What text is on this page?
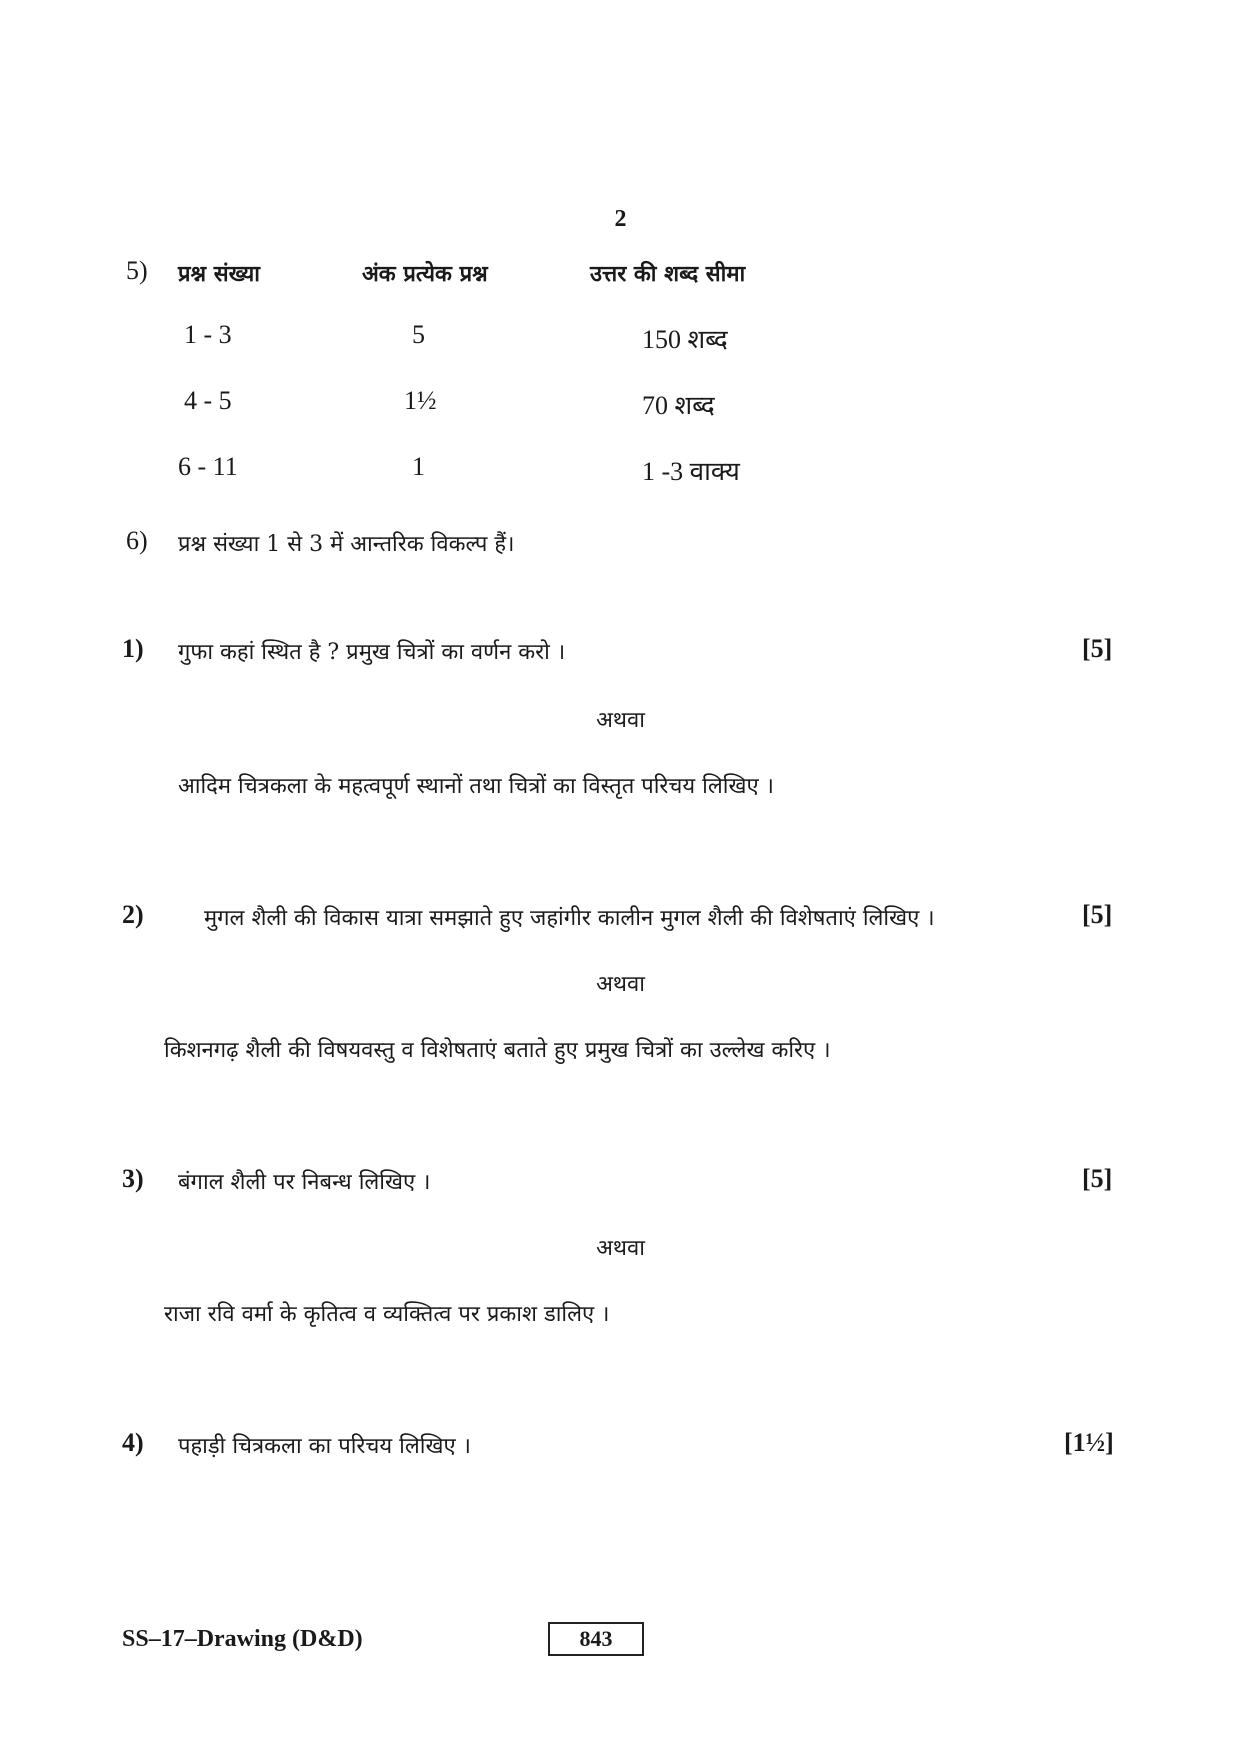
2
5) प्रश्न संख्या	अंक प्रत्येक प्रश्न	उत्तर की शब्द सीमा
1 - 3	5	150 शब्द
4 - 5	1½	70 शब्द
6 - 11	1	1 -3 वाक्य
6) प्रश्न संख्या 1 से 3 में आन्तरिक विकल्प हैं।
1) गुफा कहां स्थित है ? प्रमुख चित्रों का वर्णन करो ।	[5]
अथवा
आदिम चित्रकला के महत्वपूर्ण स्थानों तथा चित्रों का विस्तृत परिचय लिखिए ।
2)	मुगल शैली की विकास यात्रा समझाते हुए जहांगीर कालीन मुगल शैली की विशेषताएं लिखिए ।	[5]
अथवा
किशनगढ़ शैली की विषयवस्तु व विशेषताएं बताते हुए प्रमुख चित्रों का उल्लेख करिए ।
3) बंगाल शैली पर निबन्ध लिखिए ।	[5]
अथवा
राजा रवि वर्मा के कृतित्व व व्यक्तित्व पर प्रकाश डालिए ।
4) पहाड़ी चित्रकला का परिचय लिखिए ।	[1½]
SS–17–Drawing (D&D)	843
